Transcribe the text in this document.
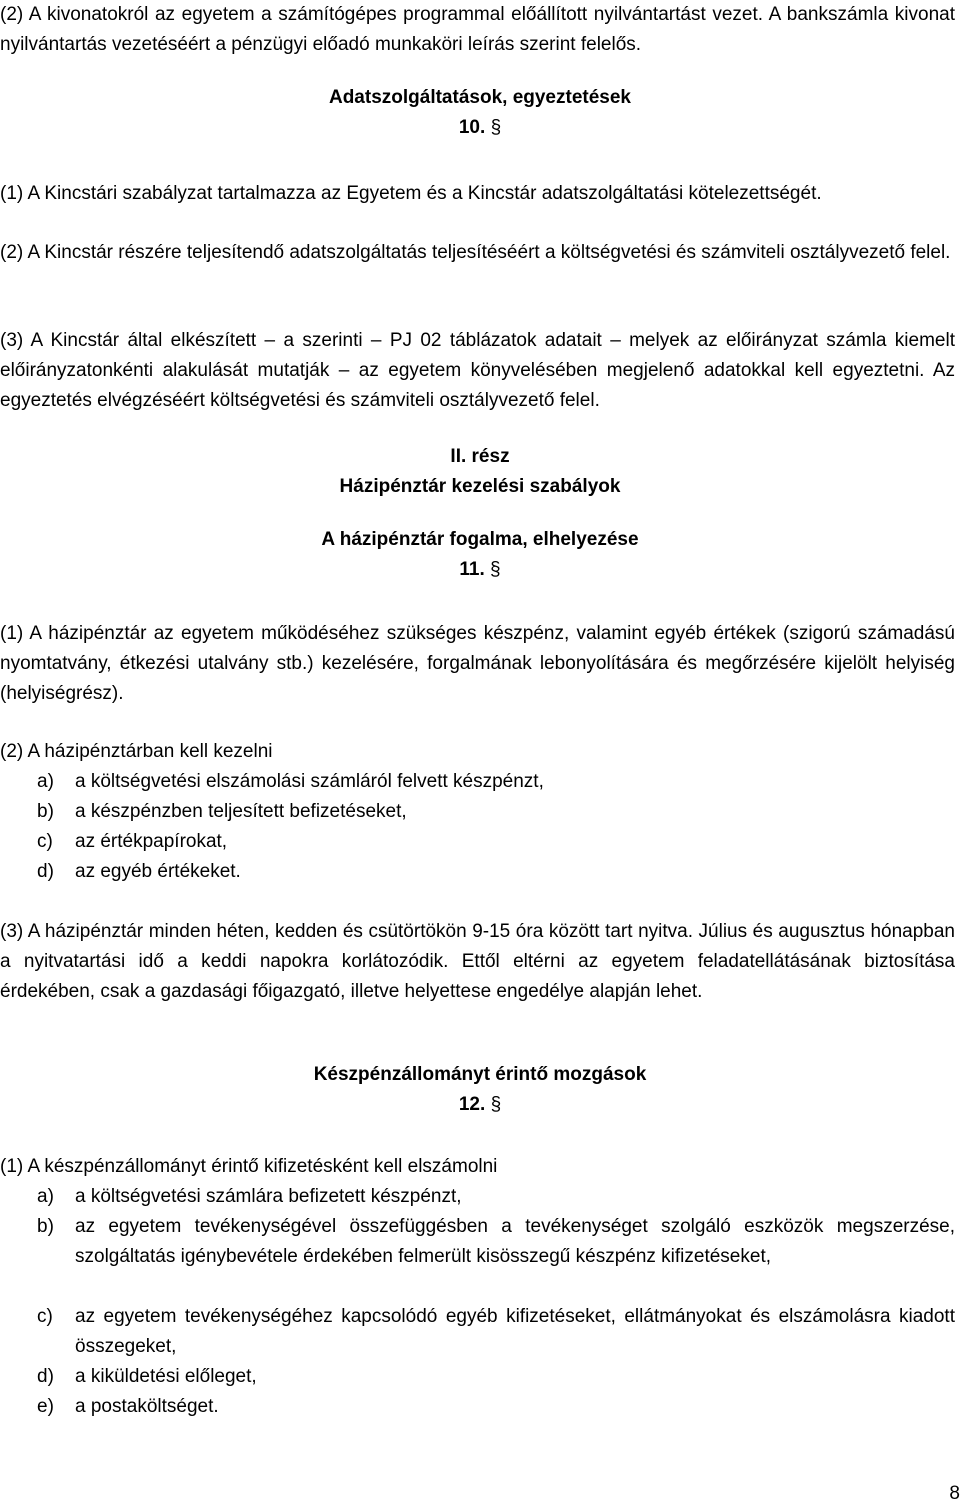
(2) A kivonatokról az egyetem a számítógépes programmal előállított nyilvántartást vezet. A bankszámla kivonat nyilvántartás vezetéséért a pénzügyi előadó munkaköri leírás szerint felelős.
Adatszolgáltatások, egyeztetések
10. §
(1) A Kincstári szabályzat tartalmazza az Egyetem és a Kincstár adatszolgáltatási kötelezettségét.
(2) A Kincstár részére teljesítendő adatszolgáltatás teljesítéséért a költségvetési és számviteli osztályvezető felel.
(3) A Kincstár által elkészített – a szerinti – PJ 02 táblázatok adatait – melyek az előirányzat számla kiemelt előirányzatonkénti alakulását mutatják – az egyetem könyvelésében megjelenő adatokkal kell egyeztetni. Az egyeztetés elvégzéséért költségvetési és számviteli osztályvezető felel.
II. rész
Házipénztár kezelési szabályok
A házipénztár fogalma, elhelyezése
11. §
(1) A házipénztár az egyetem működéséhez szükséges készpénz, valamint egyéb értékek (szigorú számadású nyomtatvány, étkezési utalvány stb.) kezelésére, forgalmának lebonyolítására és megőrzésére kijelölt helyiség (helyiségrész).
(2) A házipénztárban kell kezelni
a)	a költségvetési elszámolási számláról felvett készpénzt,
b)	a készpénzben teljesített befizetéseket,
c)	az értékpapírokat,
d)	az egyéb értékeket.
(3) A házipénztár minden héten, kedden és csütörtökön 9-15 óra között tart nyitva. Július és augusztus hónapban a nyitvatartási idő a keddi napokra korlátozódik. Ettől eltérni az egyetem feladatellátásának biztosítása érdekében, csak a gazdasági főigazgató, illetve helyettese engedélye alapján lehet.
Készpénzállományt érintő mozgások
12. §
(1) A készpénzállományt érintő kifizetésként kell elszámolni
a)	a költségvetési számlára befizetett készpénzt,
b)	az egyetem tevékenységével összefüggésben a tevékenységet szolgáló eszközök megszerzése, szolgáltatás igénybevétele érdekében felmerült kisösszegű készpénz kifizetéseket,
c)	az egyetem tevékenységéhez kapcsolódó egyéb kifizetéseket, ellátmányokat és elszámolásra kiadott összegeket,
d)	a kiküldetési előleget,
e)	a postaköltséget.
8
